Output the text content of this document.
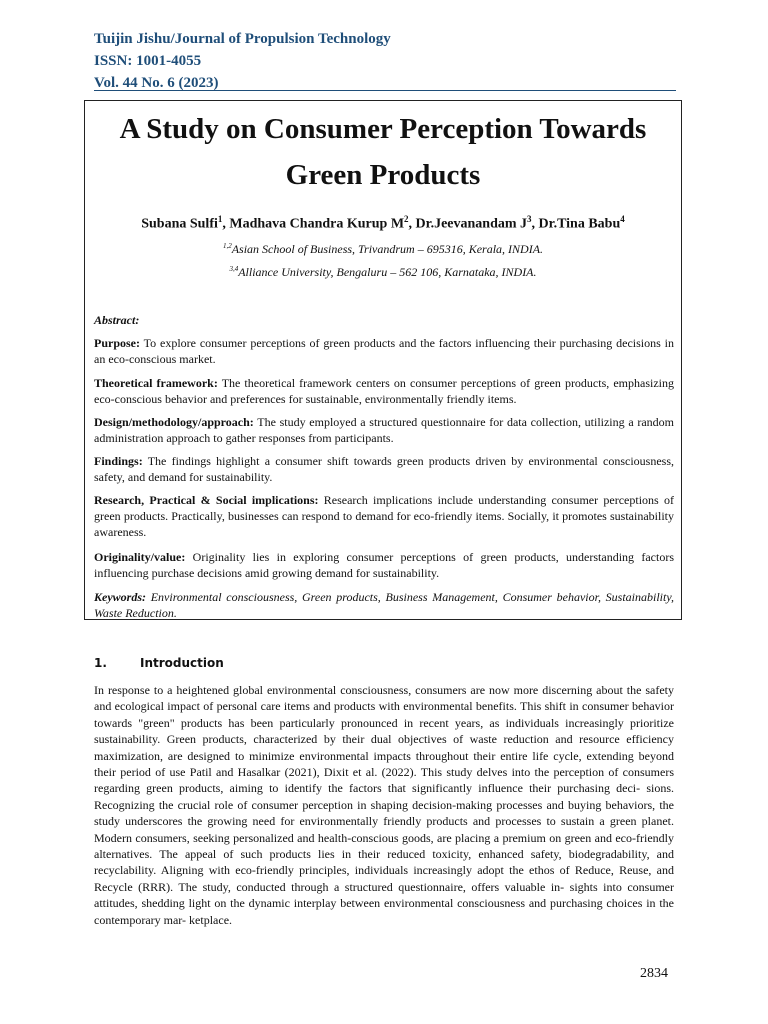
Tuijin Jishu/Journal of Propulsion Technology
ISSN: 1001-4055
Vol. 44 No. 6 (2023)
A Study on Consumer Perception Towards
Green Products
Subana Sulfi$^1$, Madhava Chandra Kurup $M^2$, Dr.Jeevanandam $J^3$, Dr.Tina Babu$^4$
$^{1,2}$Asian School of Business, Trivandrum – 695316, Kerala, INDIA.
$^{3,4}$Alliance University, Bengaluru – 562 106, Karnataka, INDIA.
Abstract:
Purpose: To explore consumer perceptions of green products and the factors influencing their purchasing decisions in an eco-conscious market.
Theoretical framework: The theoretical framework centers on consumer perceptions of green products, emphasizing eco-conscious behavior and preferences for sustainable, environmentally friendly items.
Design/methodology/approach: The study employed a structured questionnaire for data collection, utilizing a random administration approach to gather responses from participants.
Findings: The findings highlight a consumer shift towards green products driven by environmental consciousness, safety, and demand for sustainability.
Research, Practical & Social implications: Research implications include understanding consumer perceptions of green products. Practically, businesses can respond to demand for eco-friendly items. Socially, it promotes sustainability awareness.
Originality/value: Originality lies in exploring consumer perceptions of green products, understanding factors influencing purchase decisions amid growing demand for sustainability.
Keywords: Environmental consciousness, Green products, Business Management, Consumer behavior, Sustainability, Waste Reduction.
1.	Introduction
In response to a heightened global environmental consciousness, consumers are now more discerning about the safety and ecological impact of personal care items and products with environmental benefits. This shift in consumer behavior towards "green" products has been particularly pronounced in recent years, as individuals increasingly prioritize sustainability. Green products, characterized by their dual objectives of waste reduction and resource efficiency maximization, are designed to minimize environmental impacts throughout their entire life cycle, extending beyond their period of use Patil and Hasalkar (2021), Dixit et al. (2022). This study delves into the perception of consumers regarding green products, aiming to identify the factors that significantly influence their purchasing deci- sions. Recognizing the crucial role of consumer perception in shaping decision-making processes and buying behaviors, the study underscores the growing need for environmentally friendly products and processes to sustain a green planet. Modern consumers, seeking personalized and health-conscious goods, are placing a premium on green and eco-friendly alternatives. The appeal of such products lies in their reduced toxicity, enhanced safety, biodegradability, and recyclability. Aligning with eco-friendly principles, individuals increasingly adopt the ethos of Reduce, Reuse, and Recycle (RRR). The study, conducted through a structured questionnaire, offers valuable in- sights into consumer attitudes, shedding light on the dynamic interplay between environmental consciousness and purchasing choices in the contemporary mar- ketplace.
2834
